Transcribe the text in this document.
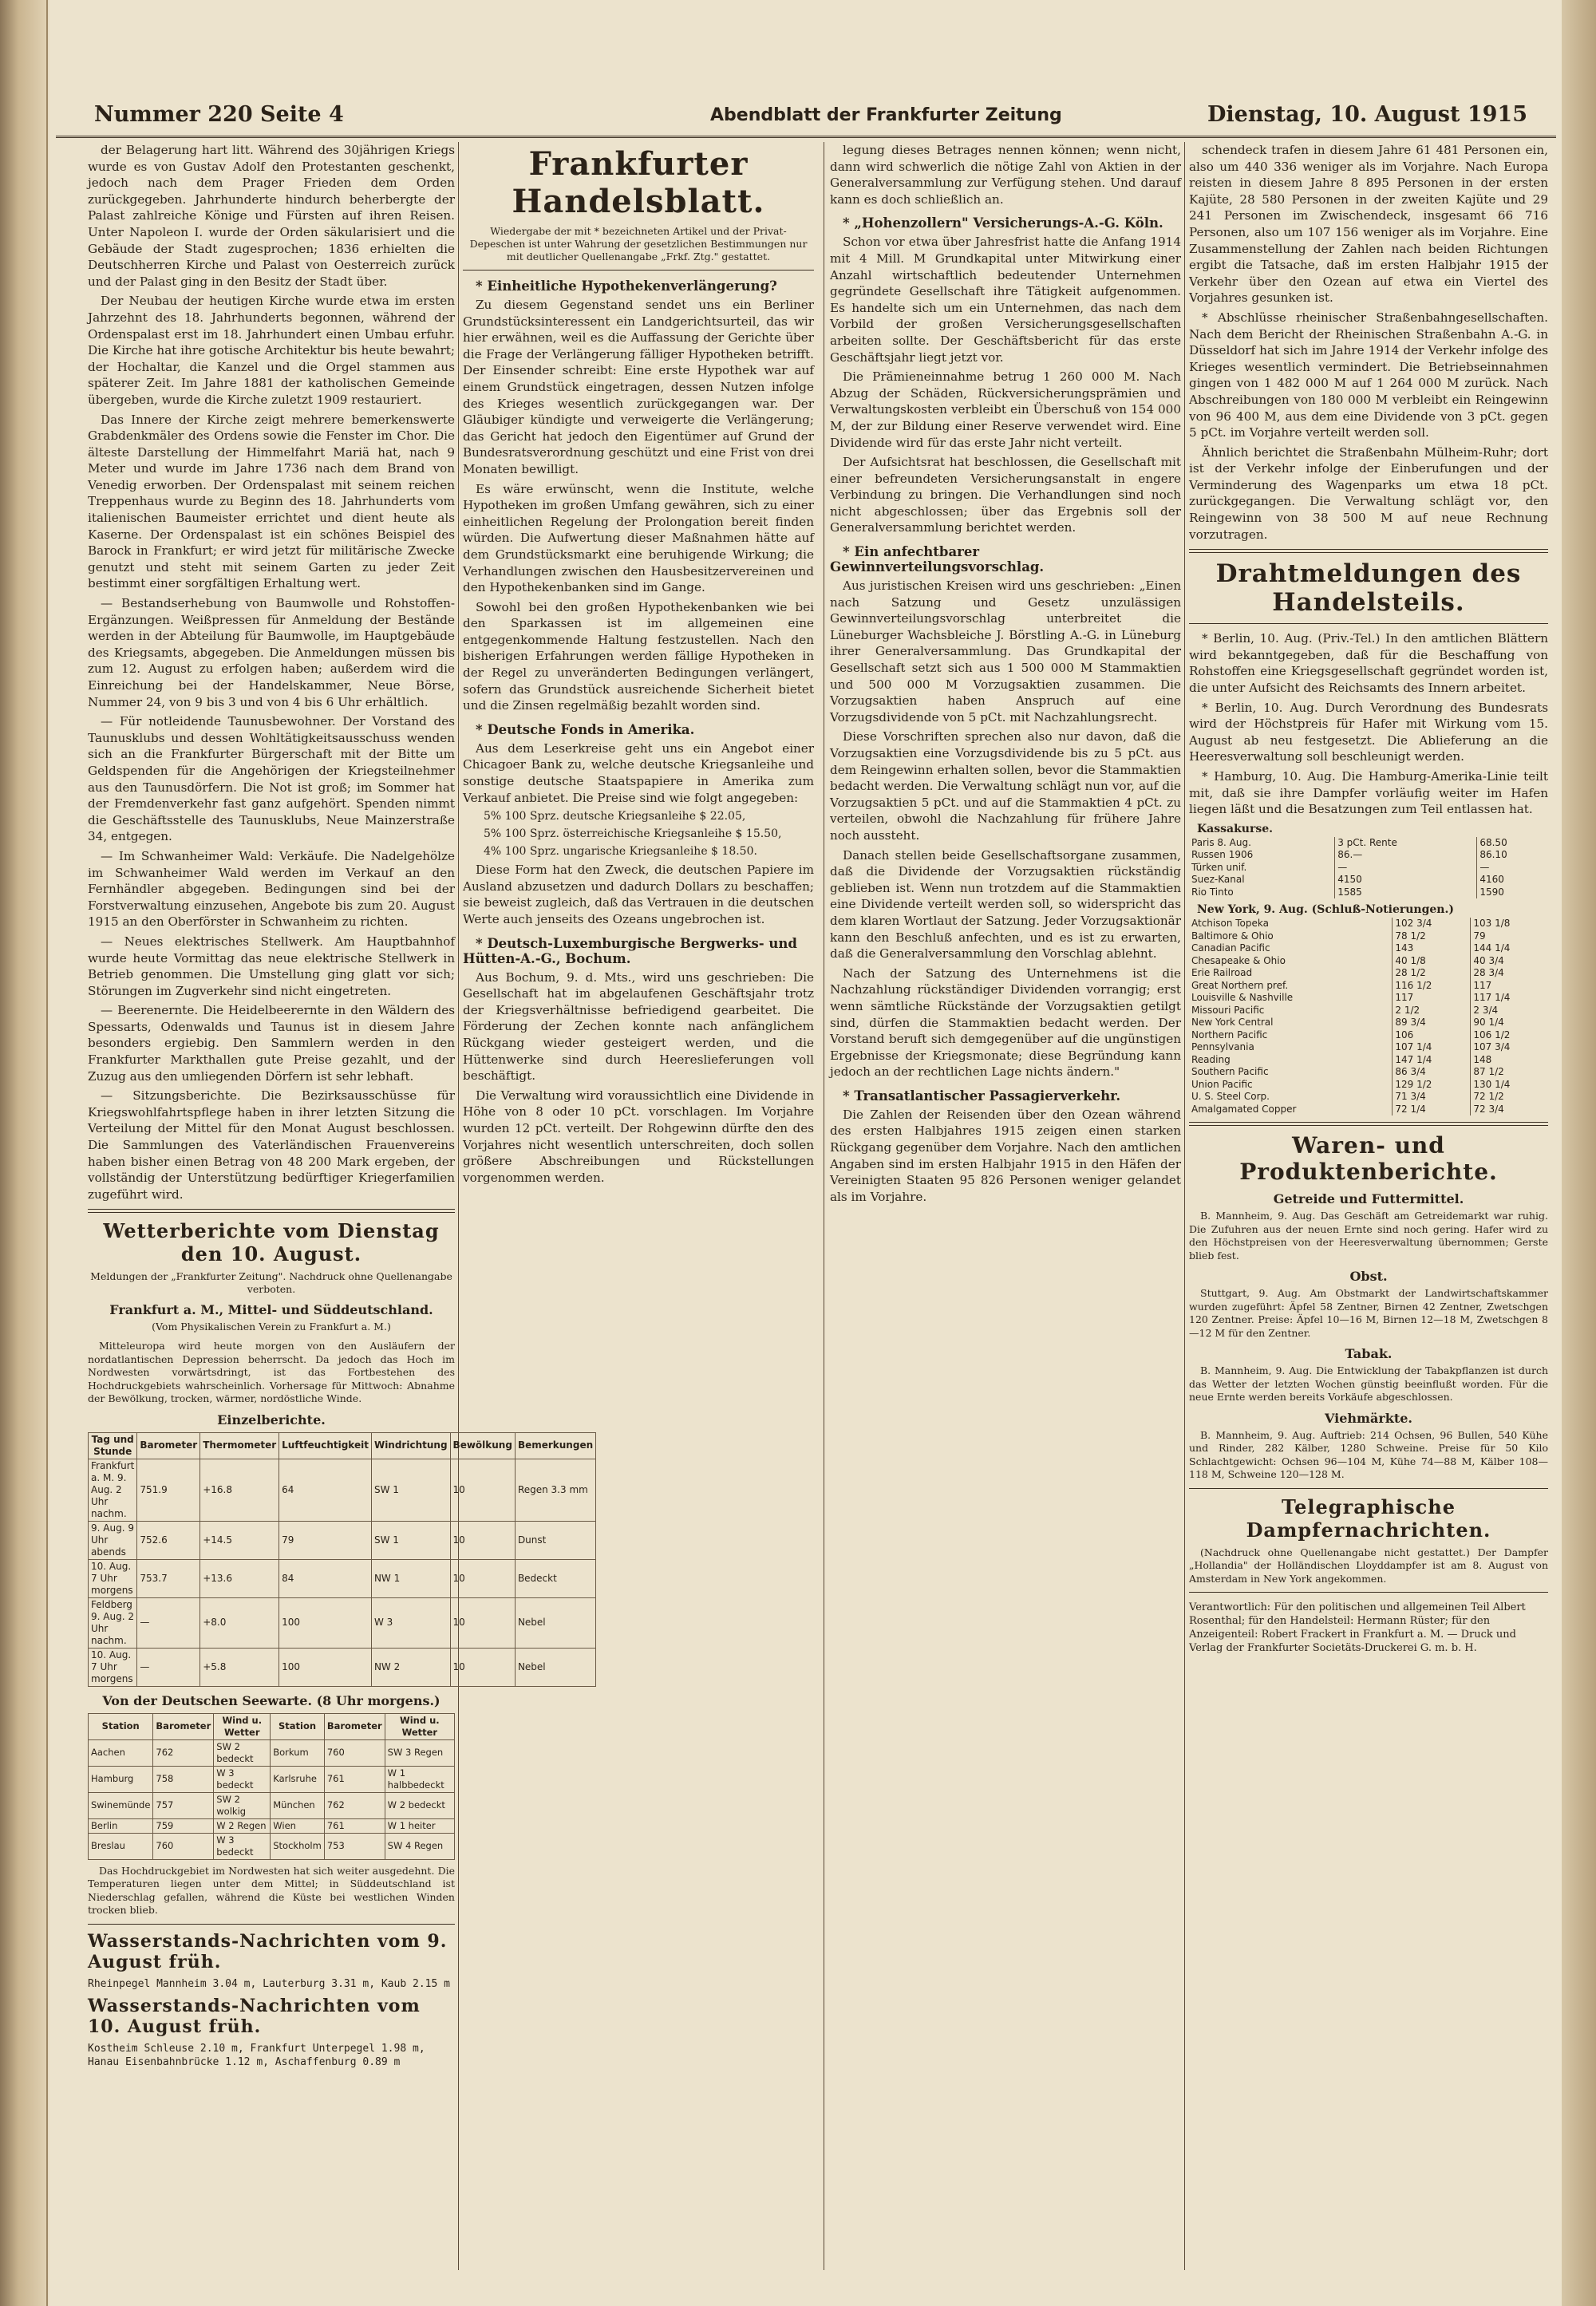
Nummer 220 Seite 4	Abendblatt der Frankfurter Zeitung	Dienstag, 10. August 1915

der Belagerung hart litt. Während des 30jährigen Kriegs wurde es von Gustav Adolf den Protestanten geschenkt, jedoch nach dem Prager Frieden dem Orden zurückgegeben. Jahrhunderte hindurch beherbergte der Palast zahlreiche Könige und Fürsten auf ihren Reisen. Unter Napoleon I. wurde der Orden säkularisiert und die Gebäude der Stadt zugesprochen; 1836 erhielten die Deutschherren Kirche und Palast von Oesterreich zurück und der Palast ging in den Besitz der Stadt über.

Der Neubau der heutigen Kirche wurde etwa im ersten Jahrzehnt des 18. Jahrhunderts begonnen, während der Ordenspalast erst im 18. Jahrhundert einen Umbau erfuhr. Die Kirche hat ihre gotische Architektur bis heute bewahrt; der Hochaltar, die Kanzel und die Orgel stammen aus späterer Zeit. Im Jahre 1881 der katholischen Gemeinde übergeben, wurde die Kirche zuletzt 1909 restauriert.

Das Innere der Kirche zeigt mehrere bemerkenswerte Grabdenkmäler des Ordens sowie die Fenster im Chor. Die älteste Darstellung der Himmelfahrt Mariä hat, nach 9 Meter und wurde im Jahre 1736 nach dem Brand von Venedig erworben. Der Ordenspalast mit seinem reichen Treppenhaus wurde zu Beginn des 18. Jahrhunderts vom italienischen Baumeister errichtet und dient heute als Kaserne. Der Ordenspalast ist ein schönes Beispiel des Barock in Frankfurt; er wird jetzt für militärische Zwecke genutzt und steht mit seinem Garten zu jeder Zeit bestimmt einer sorgfältigen Erhaltung wert.

— Bestandserhebung von Baumwolle und Rohstoffen-Ergänzungen. Weißpressen für Anmeldung der Bestände werden in der Abteilung für Baumwolle, im Hauptgebäude des Kriegsamts, abgegeben. Die Anmeldungen müssen bis zum 12. August zu erfolgen haben; außerdem wird die Einreichung bei der Handelskammer, Neue Börse, Nummer 24, von 9 bis 3 und von 4 bis 6 Uhr erhältlich.

— Für notleidende Taunusbewohner. Der Vorstand des Taunusklubs und dessen Wohltätigkeitsausschuss wenden sich an die Frankfurter Bürgerschaft mit der Bitte um Geldspenden für die Angehörigen der Kriegsteilnehmer aus den Taunusdörfern. Die Not ist groß; im Sommer hat der Fremdenverkehr fast ganz aufgehört. Spenden nimmt die Geschäftsstelle des Taunusklubs, Neue Mainzerstraße 34, entgegen.

— Im Schwanheimer Wald: Verkäufe. Die Nadelgehölze im Schwanheimer Wald werden im Verkauf an den Fernhändler abgegeben. Bedingungen sind bei der Forstverwaltung einzusehen, Angebote bis zum 20. August 1915 an den Oberförster in Schwanheim zu richten.

— Neues elektrisches Stellwerk. Am Hauptbahnhof wurde heute Vormittag das neue elektrische Stellwerk in Betrieb genommen. Die Umstellung ging glatt vor sich; Störungen im Zugverkehr sind nicht eingetreten.

— Beerenernte. Die Heidelbeerernte in den Wäldern des Spessarts, Odenwalds und Taunus ist in diesem Jahre besonders ergiebig. Den Sammlern werden in den Frankfurter Markthallen gute Preise gezahlt, und der Zuzug aus den umliegenden Dörfern ist sehr lebhaft.

— Sitzungsberichte. Die Bezirksausschüsse für Kriegswohlfahrtspflege haben in ihrer letzten Sitzung die Verteilung der Mittel für den Monat August beschlossen. Die Sammlungen des Vaterländischen Frauenvereins haben bisher einen Betrag von 48 200 Mark ergeben, der vollständig der Unterstützung bedürftiger Kriegerfamilien zugeführt wird.

Wetterberichte vom Dienstag den 10. August.
Meldungen der „Frankfurter Zeitung". Nachdruck ohne Quellenangabe verboten.
Frankfurt a. M., Mittel- und Süddeutschland.
(Vom Physikalischen Verein zu Frankfurt a. M.)

Mitteleuropa wird heute morgen von den Ausläufern der nordatlantischen Depression beherrscht. Da jedoch das Hoch im Nordwesten vorwärtsdringt, ist das Fortbestehen des Hochdruckgebiets wahrscheinlich. Vorhersage für Mittwoch: Abnahme der Bewölkung, trocken, wärmer, nordöstliche Winde.

Einzelberichte.
Tag und Stunde	Barometer	Thermometer	Luftfeuchtigkeit	Windrichtung	Bewölkung	Bemerkungen
Frankfurt a. M. 9. Aug. 2 Uhr nachm.	751.9	+16.8	64	SW 1	10	Regen 3.3 mm
9. Aug. 9 Uhr abends	752.6	+14.5	79	SW 1	10	Dunst
10. Aug. 7 Uhr morgens	753.7	+13.6	84	NW 1	10	Bedeckt
Feldberg 9. Aug. 2 Uhr nachm.	—	+8.0	100	W 3	10	Nebel
10. Aug. 7 Uhr morgens	—	+5.8	100	NW 2	10	Nebel
Von der Deutschen Seewarte. (8 Uhr morgens.)
Station	Barometer	Wind u. Wetter	Station	Barometer	Wind u. Wetter
Aachen	762	SW 2 bedeckt	Borkum	760	SW 3 Regen
Hamburg	758	W 3 bedeckt	Karlsruhe	761	W 1 halbbedeckt
Swinemünde	757	SW 2 wolkig	München	762	W 2 bedeckt
Berlin	759	W 2 Regen	Wien	761	W 1 heiter
Breslau	760	W 3 bedeckt	Stockholm	753	SW 4 Regen

Das Hochdruckgebiet im Nordwesten hat sich weiter ausgedehnt. Die Temperaturen liegen unter dem Mittel; in Süddeutschland ist Niederschlag gefallen, während die Küste bei westlichen Winden trocken blieb.

Wasserstands-Nachrichten vom 9. August früh.
Rheinpegel Mannheim 3.04 m, Lauterburg 3.31 m, Kaub 2.15 m
Wasserstands-Nachrichten vom 10. August früh.
Kostheim Schleuse 2.10 m, Frankfurt Unterpegel 1.98 m, Hanau Eisenbahnbrücke 1.12 m, Aschaffenburg 0.89 m
Frankfurter Handelsblatt.
Wiedergabe der mit * bezeichneten Artikel und der Privat-Depeschen ist unter Wahrung der gesetzlichen Bestimmungen nur mit deutlicher Quellenangabe „Frkf. Ztg." gestattet.
* Einheitliche Hypothekenverlängerung?

Zu diesem Gegenstand sendet uns ein Berliner Grundstücksinteressent ein Landgerichtsurteil, das wir hier erwähnen, weil es die Auffassung der Gerichte über die Frage der Verlängerung fälliger Hypotheken betrifft. Der Einsender schreibt: Eine erste Hypothek war auf einem Grundstück eingetragen, dessen Nutzen infolge des Krieges wesentlich zurückgegangen war. Der Gläubiger kündigte und verweigerte die Verlängerung; das Gericht hat jedoch den Eigentümer auf Grund der Bundesratsverordnung geschützt und eine Frist von drei Monaten bewilligt.

Es wäre erwünscht, wenn die Institute, welche Hypotheken im großen Umfang gewähren, sich zu einer einheitlichen Regelung der Prolongation bereit finden würden. Die Aufwertung dieser Maßnahmen hätte auf dem Grundstücksmarkt eine beruhigende Wirkung; die Verhandlungen zwischen den Hausbesitzervereinen und den Hypothekenbanken sind im Gange.

Sowohl bei den großen Hypothekenbanken wie bei den Sparkassen ist im allgemeinen eine entgegenkommende Haltung festzustellen. Nach den bisherigen Erfahrungen werden fällige Hypotheken in der Regel zu unveränderten Bedingungen verlängert, sofern das Grundstück ausreichende Sicherheit bietet und die Zinsen regelmäßig bezahlt worden sind.

* Deutsche Fonds in Amerika.

Aus dem Leserkreise geht uns ein Angebot einer Chicagoer Bank zu, welche deutsche Kriegsanleihe und sonstige deutsche Staatspapiere in Amerika zum Verkauf anbietet. Die Preise sind wie folgt angegeben:

5% 100 Sprz. deutsche Kriegsanleihe $ 22.05,
5% 100 Sprz. österreichische Kriegsanleihe $ 15.50,
4% 100 Sprz. ungarische Kriegsanleihe $ 18.50.

Diese Form hat den Zweck, die deutschen Papiere im Ausland abzusetzen und dadurch Dollars zu beschaffen; sie beweist zugleich, daß das Vertrauen in die deutschen Werte auch jenseits des Ozeans ungebrochen ist.

* Deutsch-Luxemburgische Bergwerks- und Hütten-A.-G., Bochum.

Aus Bochum, 9. d. Mts., wird uns geschrieben: Die Gesellschaft hat im abgelaufenen Geschäftsjahr trotz der Kriegsverhältnisse befriedigend gearbeitet. Die Förderung der Zechen konnte nach anfänglichem Rückgang wieder gesteigert werden, und die Hüttenwerke sind durch Heereslieferungen voll beschäftigt.

Die Verwaltung wird voraussichtlich eine Dividende in Höhe von 8 oder 10 pCt. vorschlagen. Im Vorjahre wurden 12 pCt. verteilt. Der Rohgewinn dürfte den des Vorjahres nicht wesentlich unterschreiten, doch sollen größere Abschreibungen und Rückstellungen vorgenommen werden.

legung dieses Betrages nennen können; wenn nicht, dann wird schwerlich die nötige Zahl von Aktien in der Generalversammlung zur Verfügung stehen. Und darauf kann es doch schließlich an.

* „Hohenzollern" Versicherungs-A.-G. Köln.

Schon vor etwa über Jahresfrist hatte die Anfang 1914 mit 4 Mill. M Grundkapital unter Mitwirkung einer Anzahl wirtschaftlich bedeutender Unternehmen gegründete Gesellschaft ihre Tätigkeit aufgenommen. Es handelte sich um ein Unternehmen, das nach dem Vorbild der großen Versicherungsgesellschaften arbeiten sollte. Der Geschäftsbericht für das erste Geschäftsjahr liegt jetzt vor.

Die Prämieneinnahme betrug 1 260 000 M. Nach Abzug der Schäden, Rückversicherungsprämien und Verwaltungskosten verbleibt ein Überschuß von 154 000 M, der zur Bildung einer Reserve verwendet wird. Eine Dividende wird für das erste Jahr nicht verteilt.

Der Aufsichtsrat hat beschlossen, die Gesellschaft mit einer befreundeten Versicherungsanstalt in engere Verbindung zu bringen. Die Verhandlungen sind noch nicht abgeschlossen; über das Ergebnis soll der Generalversammlung berichtet werden.

* Ein anfechtbarer Gewinnverteilungsvorschlag.

Aus juristischen Kreisen wird uns geschrieben: „Einen nach Satzung und Gesetz unzulässigen Gewinnverteilungsvorschlag unterbreitet die Lüneburger Wachsbleiche J. Börstling A.-G. in Lüneburg ihrer Generalversammlung. Das Grundkapital der Gesellschaft setzt sich aus 1 500 000 M Stammaktien und 500 000 M Vorzugsaktien zusammen. Die Vorzugsaktien haben Anspruch auf eine Vorzugsdividende von 5 pCt. mit Nachzahlungsrecht.

Diese Vorschriften sprechen also nur davon, daß die Vorzugsaktien eine Vorzugsdividende bis zu 5 pCt. aus dem Reingewinn erhalten sollen, bevor die Stammaktien bedacht werden. Die Verwaltung schlägt nun vor, auf die Vorzugsaktien 5 pCt. und auf die Stammaktien 4 pCt. zu verteilen, obwohl die Nachzahlung für frühere Jahre noch aussteht.

Danach stellen beide Gesellschaftsorgane zusammen, daß die Dividende der Vorzugsaktien rückständig geblieben ist. Wenn nun trotzdem auf die Stammaktien eine Dividende verteilt werden soll, so widerspricht das dem klaren Wortlaut der Satzung. Jeder Vorzugsaktionär kann den Beschluß anfechten, und es ist zu erwarten, daß die Generalversammlung den Vorschlag ablehnt.

Nach der Satzung des Unternehmens ist die Nachzahlung rückständiger Dividenden vorrangig; erst wenn sämtliche Rückstände der Vorzugsaktien getilgt sind, dürfen die Stammaktien bedacht werden. Der Vorstand beruft sich demgegenüber auf die ungünstigen Ergebnisse der Kriegsmonate; diese Begründung kann jedoch an der rechtlichen Lage nichts ändern."

* Transatlantischer Passagierverkehr.

Die Zahlen der Reisenden über den Ozean während des ersten Halbjahres 1915 zeigen einen starken Rückgang gegenüber dem Vorjahre. Nach den amtlichen Angaben sind im ersten Halbjahr 1915 in den Häfen der Vereinigten Staaten 95 826 Personen weniger gelandet als im Vorjahre.

schendeck trafen in diesem Jahre 61 481 Personen ein, also um 440 336 weniger als im Vorjahre. Nach Europa reisten in diesem Jahre 8 895 Personen in der ersten Kajüte, 28 580 Personen in der zweiten Kajüte und 29 241 Personen im Zwischendeck, insgesamt 66 716 Personen, also um 107 156 weniger als im Vorjahre. Eine Zusammenstellung der Zahlen nach beiden Richtungen ergibt die Tatsache, daß im ersten Halbjahr 1915 der Verkehr über den Ozean auf etwa ein Viertel des Vorjahres gesunken ist.

* Abschlüsse rheinischer Straßenbahngesellschaften. Nach dem Bericht der Rheinischen Straßenbahn A.-G. in Düsseldorf hat sich im Jahre 1914 der Verkehr infolge des Krieges wesentlich vermindert. Die Betriebseinnahmen gingen von 1 482 000 M auf 1 264 000 M zurück. Nach Abschreibungen von 180 000 M verbleibt ein Reingewinn von 96 400 M, aus dem eine Dividende von 3 pCt. gegen 5 pCt. im Vorjahre verteilt werden soll.

Ähnlich berichtet die Straßenbahn Mülheim-Ruhr; dort ist der Verkehr infolge der Einberufungen und der Verminderung des Wagenparks um etwa 18 pCt. zurückgegangen. Die Verwaltung schlägt vor, den Reingewinn von 38 500 M auf neue Rechnung vorzutragen.

Drahtmeldungen des Handelsteils.

* Berlin, 10. Aug. (Priv.-Tel.) In den amtlichen Blättern wird bekanntgegeben, daß für die Beschaffung von Rohstoffen eine Kriegsgesellschaft gegründet worden ist, die unter Aufsicht des Reichsamts des Innern arbeitet.

* Berlin, 10. Aug. Durch Verordnung des Bundesrats wird der Höchstpreis für Hafer mit Wirkung vom 15. August ab neu festgesetzt. Die Ablieferung an die Heeresverwaltung soll beschleunigt werden.

* Hamburg, 10. Aug. Die Hamburg-Amerika-Linie teilt mit, daß sie ihre Dampfer vorläufig weiter im Hafen liegen läßt und die Besatzungen zum Teil entlassen hat.

Kassakurse.
Paris 8. Aug.	3 pCt. Rente	68.50
Russen 1906	86.—	86.10
Türken unif.	—	—
Suez-Kanal	4150	4160
Rio Tinto	1585	1590
New York, 9. Aug. (Schluß-Notierungen.)
Atchison Topeka	102 3/4	103 1/8
Baltimore & Ohio	78 1/2	79
Canadian Pacific	143	144 1/4
Chesapeake & Ohio	40 1/8	40 3/4
Erie Railroad	28 1/2	28 3/4
Great Northern pref.	116 1/2	117
Louisville & Nashville	117	117 1/4
Missouri Pacific	2 1/2	2 3/4
New York Central	89 3/4	90 1/4
Northern Pacific	106	106 1/2
Pennsylvania	107 1/4	107 3/4
Reading	147 1/4	148
Southern Pacific	86 3/4	87 1/2
Union Pacific	129 1/2	130 1/4
U. S. Steel Corp.	71 3/4	72 1/2
Amalgamated Copper	72 1/4	72 3/4
Waren- und Produktenberichte.
Getreide und Futtermittel.

B. Mannheim, 9. Aug. Das Geschäft am Getreidemarkt war ruhig. Die Zufuhren aus der neuen Ernte sind noch gering. Hafer wird zu den Höchstpreisen von der Heeresverwaltung übernommen; Gerste blieb fest.

Obst.

Stuttgart, 9. Aug. Am Obstmarkt der Landwirtschaftskammer wurden zugeführt: Äpfel 58 Zentner, Birnen 42 Zentner, Zwetschgen 120 Zentner. Preise: Äpfel 10—16 M, Birnen 12—18 M, Zwetschgen 8—12 M für den Zentner.

Tabak.

B. Mannheim, 9. Aug. Die Entwicklung der Tabakpflanzen ist durch das Wetter der letzten Wochen günstig beeinflußt worden. Für die neue Ernte werden bereits Vorkäufe abgeschlossen.

Viehmärkte.

B. Mannheim, 9. Aug. Auftrieb: 214 Ochsen, 96 Bullen, 540 Kühe und Rinder, 282 Kälber, 1280 Schweine. Preise für 50 Kilo Schlachtgewicht: Ochsen 96—104 M, Kühe 74—88 M, Kälber 108—118 M, Schweine 120—128 M.

Telegraphische Dampfernachrichten.

(Nachdruck ohne Quellenangabe nicht gestattet.) Der Dampfer „Hollandia" der Holländischen Lloyddampfer ist am 8. August von Amsterdam in New York angekommen.

Verantwortlich: Für den politischen und allgemeinen Teil Albert Rosenthal; für den Handelsteil: Hermann Rüster; für den Anzeigenteil: Robert Frackert in Frankfurt a. M. — Druck und Verlag der Frankfurter Societäts-Druckerei G. m. b. H.
